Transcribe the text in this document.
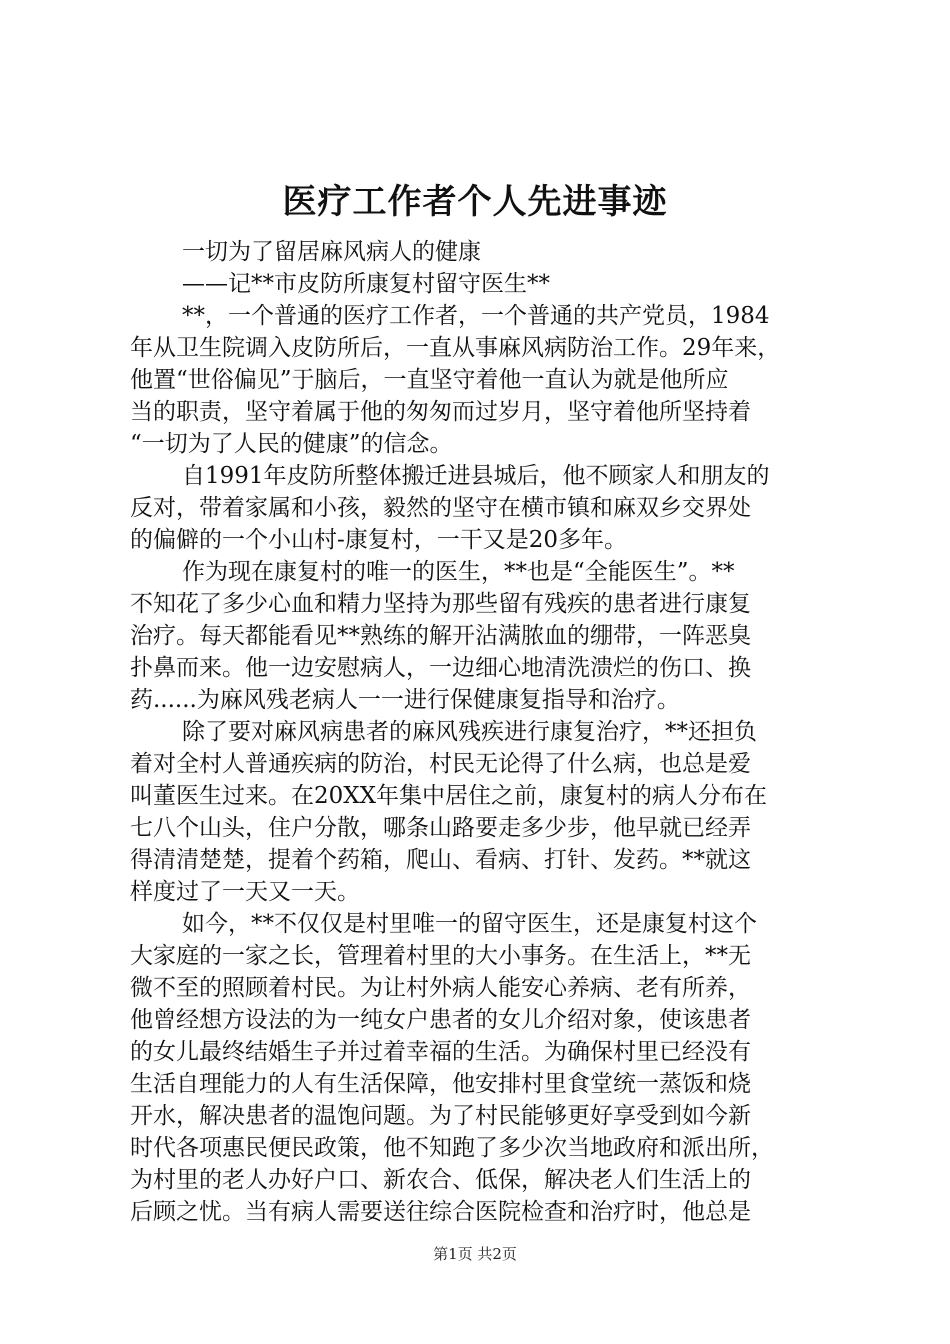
医疗工作者个人先进事迹
一切为了留居麻风病人的健康
——记**市皮防所康复村留守医生**
**，一个普通的医疗工作者，一个普通的共产党员，1984
年从卫生院调入皮防所后，一直从事麻风病防治工作。29年来，
他置“世俗偏见”于脑后，一直坚守着他一直认为就是他所应
当的职责，坚守着属于他的匆匆而过岁月，坚守着他所坚持着
“一切为了人民的健康”的信念。
自1991年皮防所整体搬迁进县城后，他不顾家人和朋友的
反对，带着家属和小孩，毅然的坚守在横市镇和麻双乡交界处
的偏僻的一个小山村-康复村，一干又是20多年。
作为现在康复村的唯一的医生，**也是“全能医生”。**
不知花了多少心血和精力坚持为那些留有残疾的患者进行康复
治疗。每天都能看见**熟练的解开沾满脓血的绷带，一阵恶臭
扑鼻而来。他一边安慰病人，一边细心地清洗溃烂的伤口、换
药......为麻风残老病人一一进行保健康复指导和治疗。
除了要对麻风病患者的麻风残疾进行康复治疗，**还担负
着对全村人普通疾病的防治，村民无论得了什么病，也总是爱
叫董医生过来。在20XX年集中居住之前，康复村的病人分布在
七八个山头，住户分散，哪条山路要走多少步，他早就已经弄
得清清楚楚，提着个药箱，爬山、看病、打针、发药。**就这
样度过了一天又一天。
如今，**不仅仅是村里唯一的留守医生，还是康复村这个
大家庭的一家之长，管理着村里的大小事务。在生活上，**无
微不至的照顾着村民。为让村外病人能安心养病、老有所养，
他曾经想方设法的为一纯女户患者的女儿介绍对象，使该患者
的女儿最终结婚生子并过着幸福的生活。为确保村里已经没有
生活自理能力的人有生活保障，他安排村里食堂统一蒸饭和烧
开水，解决患者的温饱问题。为了村民能够更好享受到如今新
时代各项惠民便民政策，他不知跑了多少次当地政府和派出所，
为村里的老人办好户口、新农合、低保，解决老人们生活上的
后顾之忧。当有病人需要送往综合医院检查和治疗时，他总是
第1页 共2页
